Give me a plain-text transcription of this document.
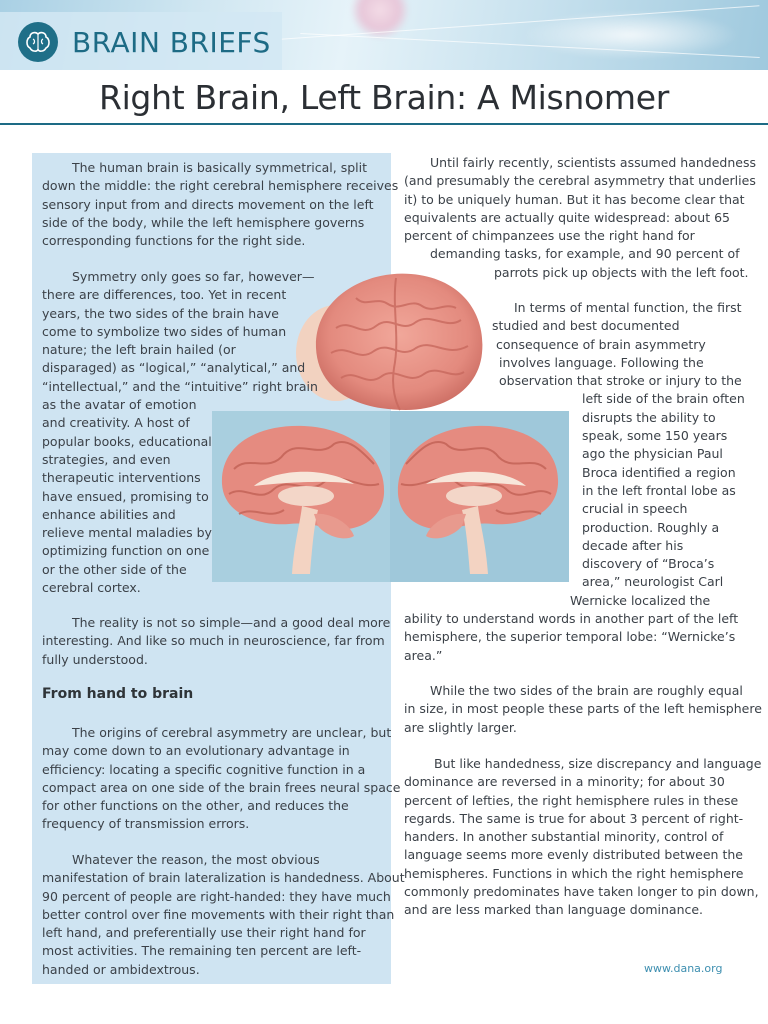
BRAIN BRIEFS
Right Brain, Left Brain: A Misnomer
The human brain is basically symmetrical, split
down the middle: the right cerebral hemisphere receives
sensory input from and directs movement on the left
side of the body, while the left hemisphere governs
corresponding functions for the right side.
Symmetry only goes so far, however—
there are differences, too. Yet in recent
years, the two sides of the brain have
come to symbolize two sides of human
nature; the left brain hailed (or
disparaged) as “logical,” “analytical,” and
“intellectual,” and the “intuitive” right brain
as the avatar of emotion
and creativity. A host of
popular books, educational
strategies, and even
therapeutic interventions
have ensued, promising to
enhance abilities and
relieve mental maladies by
optimizing function on one
or the other side of the
cerebral cortex.
The reality is not so simple—and a good deal more
interesting. And like so much in neuroscience, far from
fully understood.
From hand to brain
The origins of cerebral asymmetry are unclear, but
may come down to an evolutionary advantage in
efficiency: locating a specific cognitive function in a
compact area on one side of the brain frees neural space
for other functions on the other, and reduces the
frequency of transmission errors.
Whatever the reason, the most obvious
manifestation of brain lateralization is handedness. About
90 percent of people are right-handed: they have much
better control over fine movements with their right than
left hand, and preferentially use their right hand for
most activities. The remaining ten percent are left-
handed or ambidextrous.
Until fairly recently, scientists assumed handedness
(and presumably the cerebral asymmetry that underlies
it) to be uniquely human. But it has become clear that
equivalents are actually quite widespread: about 65
percent of chimpanzees use the right hand for
demanding tasks, for example, and 90 percent of
parrots pick up objects with the left foot.
In terms of mental function, the first
studied and best documented
consequence of brain asymmetry
involves language. Following the
observation that stroke or injury to the
left side of the brain often
disrupts the ability to
speak, some 150 years
ago the physician Paul
Broca identified a region
in the left frontal lobe as
crucial in speech
production. Roughly a
decade after his
discovery of “Broca’s
area,” neurologist Carl
Wernicke localized the
ability to understand words in another part of the left
hemisphere, the superior temporal lobe: “Wernicke’s
area.”
While the two sides of the brain are roughly equal
in size, in most people these parts of the left hemisphere
are slightly larger.
But like handedness, size discrepancy and language
dominance are reversed in a minority; for about 30
percent of lefties, the right hemisphere rules in these
regards. The same is true for about 3 percent of right-
handers. In another substantial minority, control of
language seems more evenly distributed between the
hemispheres. Functions in which the right hemisphere
commonly predominates have taken longer to pin down,
and are less marked than language dominance.
www.dana.org
